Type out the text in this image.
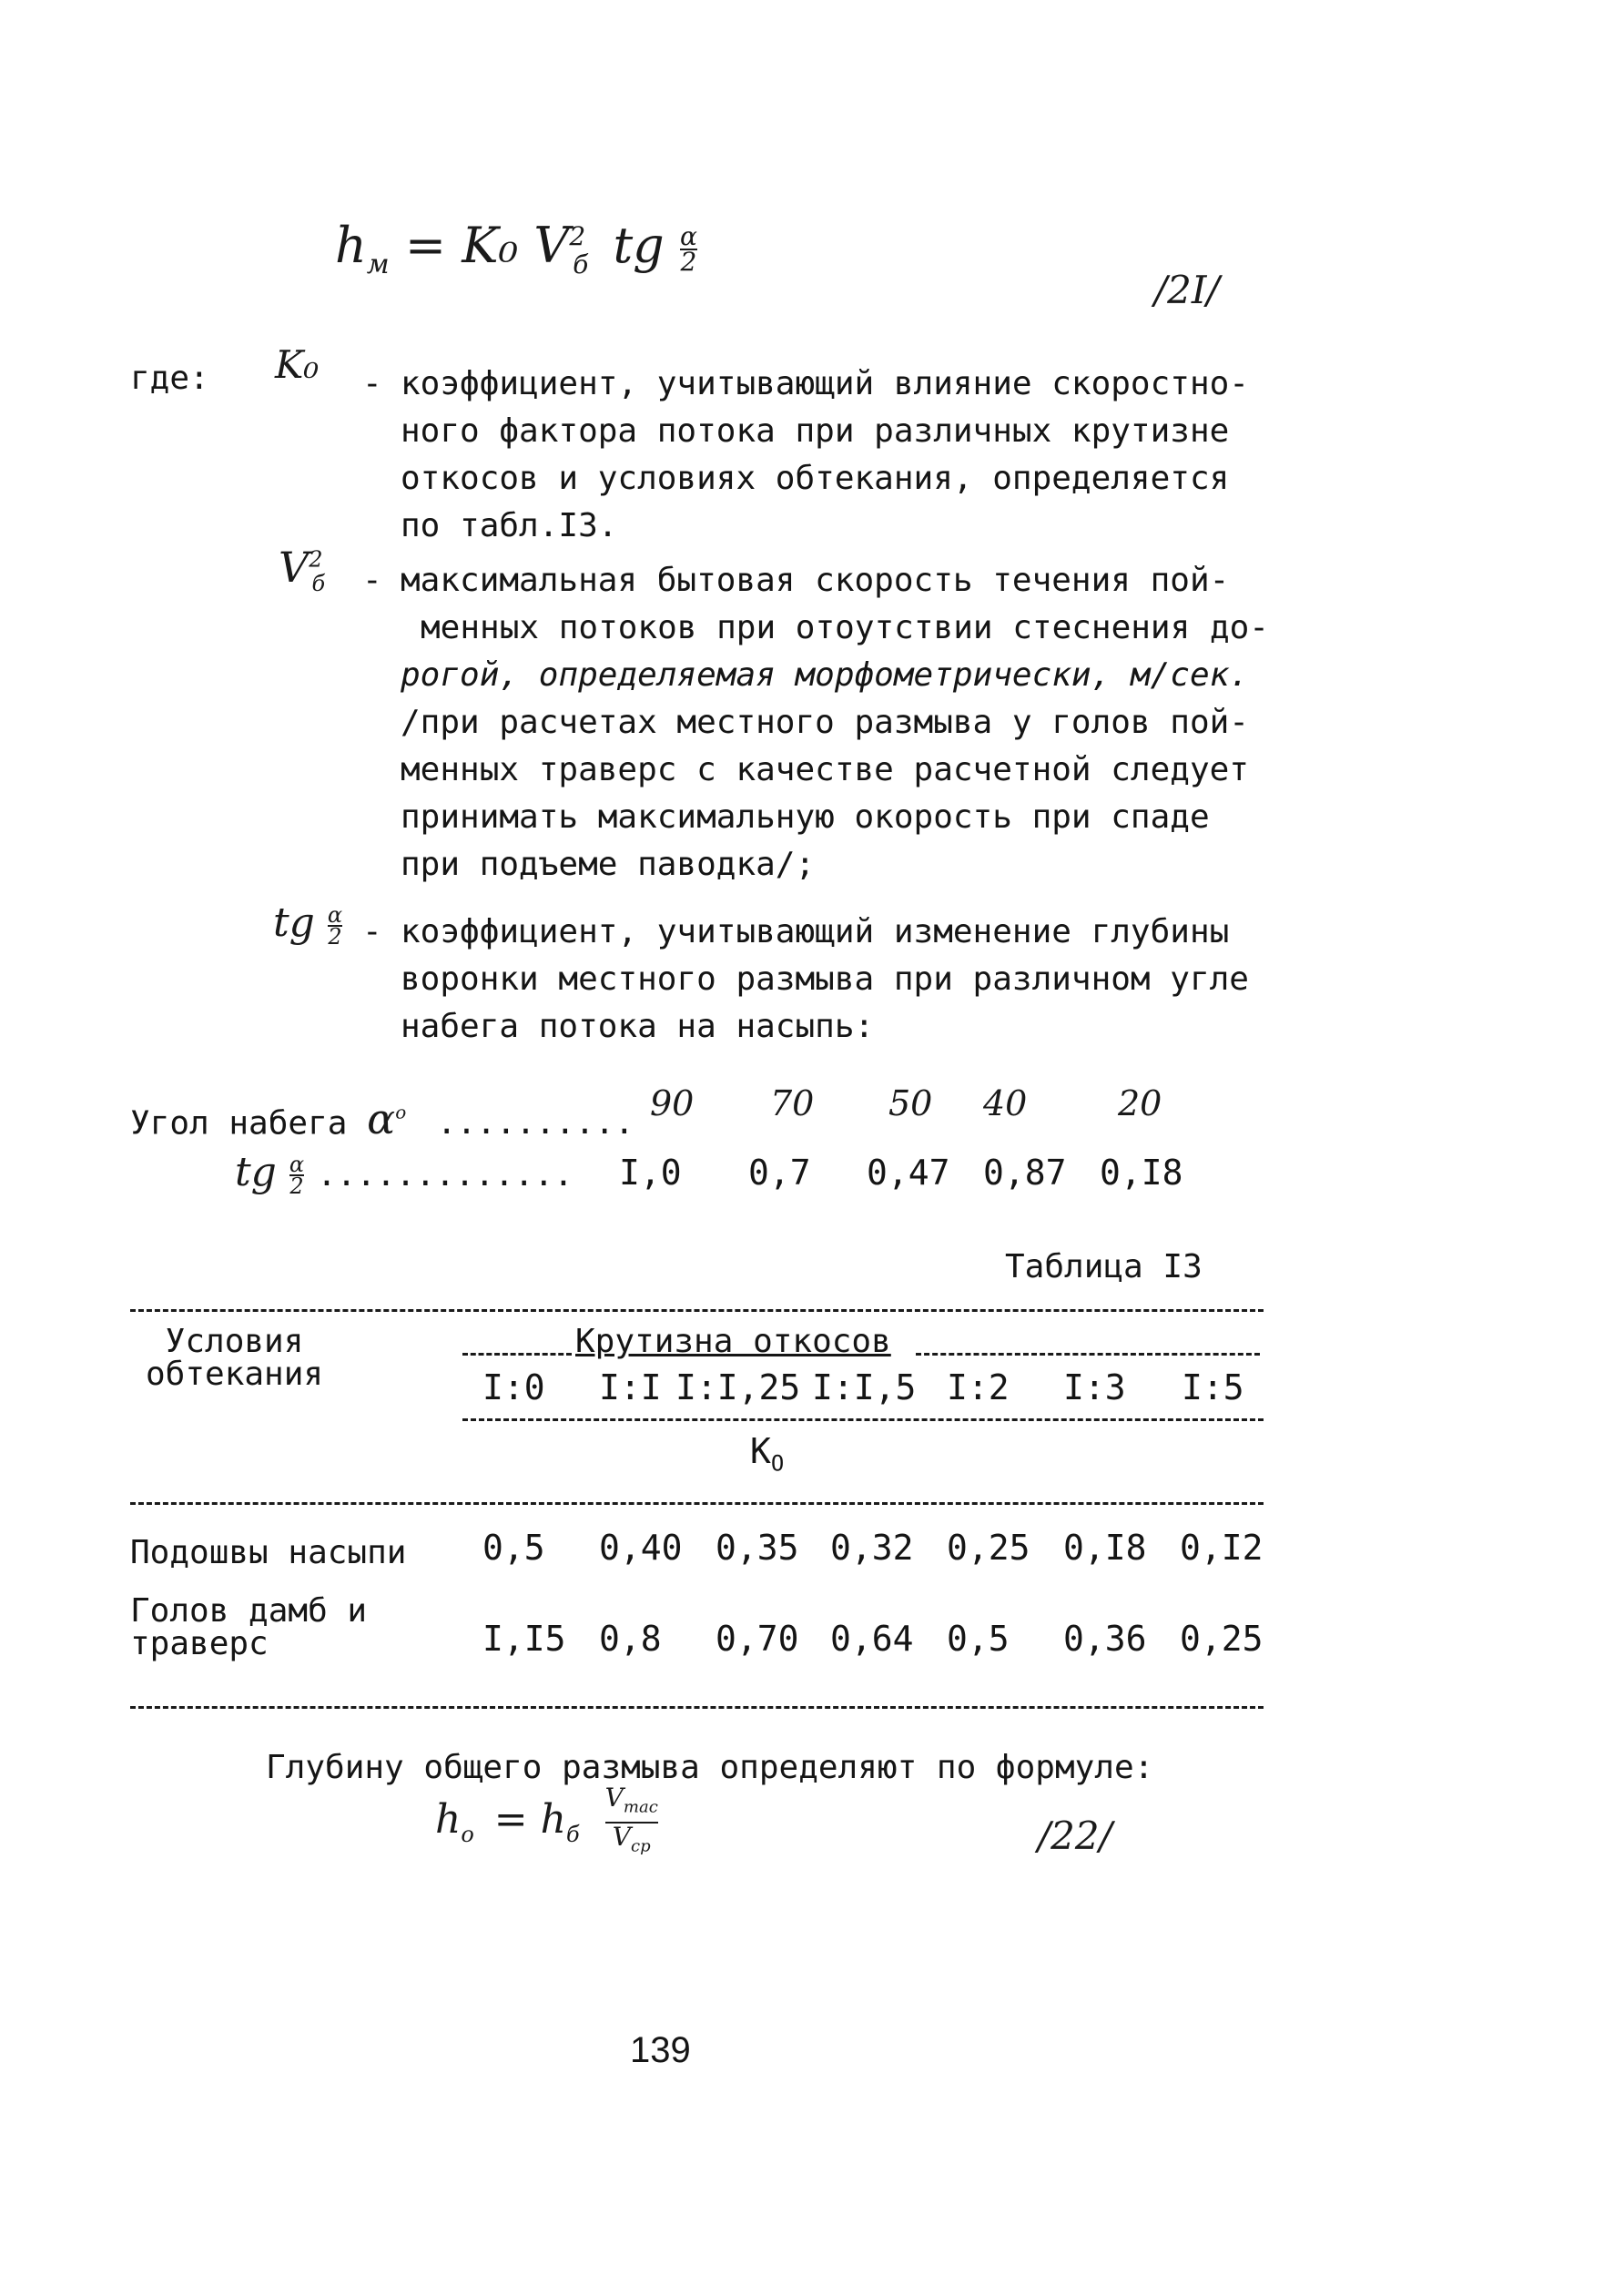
$h_м = K_0$ $V^2_б$ tg $\frac{\alpha}{2}$
/2I/
где: K₀ - коэффициент, учитывающий влияние скоростно-
ного фактора потока при различных крутизне
откосов и условиях обтекания, определяется
по табл.I3.
$V^2_б$ - максимальная бытовая скорость течения пой-
менных потоков при отоутствии стеснения до-
рогой, определяемая морфометрически, м/сек.
/при расчетах местного размыва у голов пой-
менных траверс с качестве расчетной следует
принимать максимальную окорость при спаде
при подъеме паводка/;
tg $\frac{\alpha}{2}$ - коэффициент, учитывающий изменение глубины
воронки местного размыва при различном угле
набега потока на насыпь:
Угол набега $\alpha^o$ .......... 90 70 50 40	20
tg $\frac{\alpha}{2}$ ............. I,0 0,7 0,47 0,87 0,I8
Таблица I3
Условия
обтекания
Крутизна откосов
I:0 I:I I:I,25 I:I,5 I:2 I:3 I:5
$K_O$
Подошвы насыпи 0,5 0,40 0,35 0,32 0,25 0,I8 0,I2
Голов дамб и
траверс	I,I5 0,8 0,70 0,64 0,5 0,36 0,25
Глубину общего размыва определяют по формуле:
$h_о = h_б$
$V_{mас}$
$V_{ср}$	/22/
139
